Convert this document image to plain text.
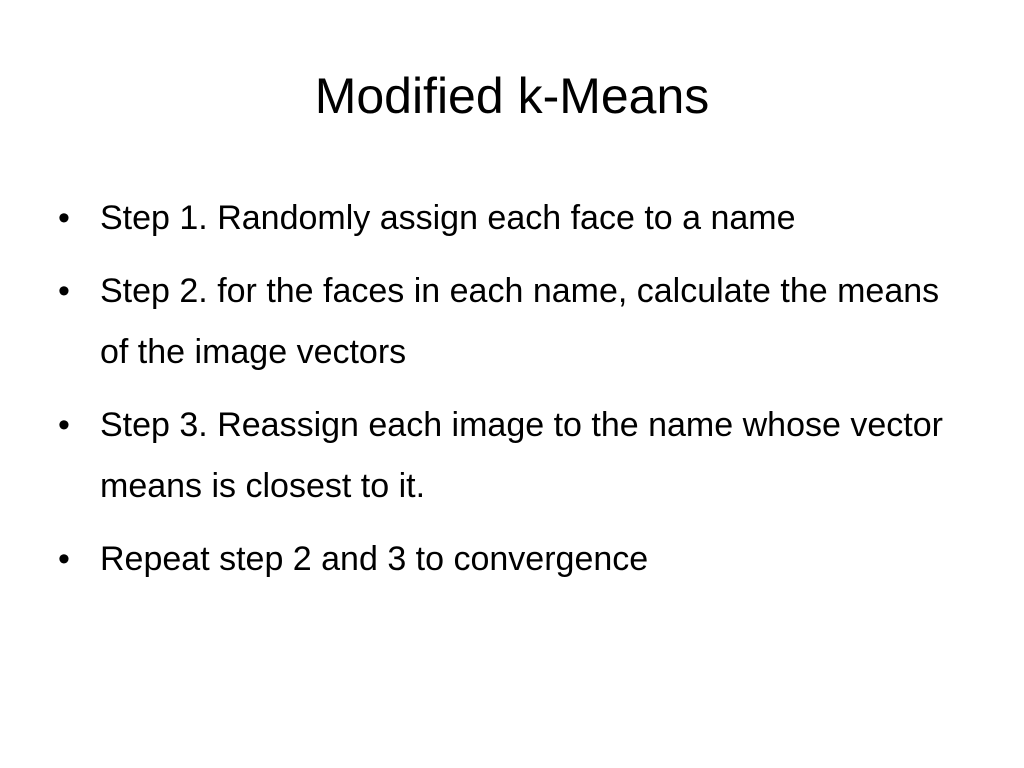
Modified k-Means
• Step 1. Randomly assign each face to a name
• Step 2. for the faces in each name, calculate the means of the image vectors
• Step 3. Reassign each image to the name whose vector means is closest to it.
• Repeat step 2 and 3 to convergence
